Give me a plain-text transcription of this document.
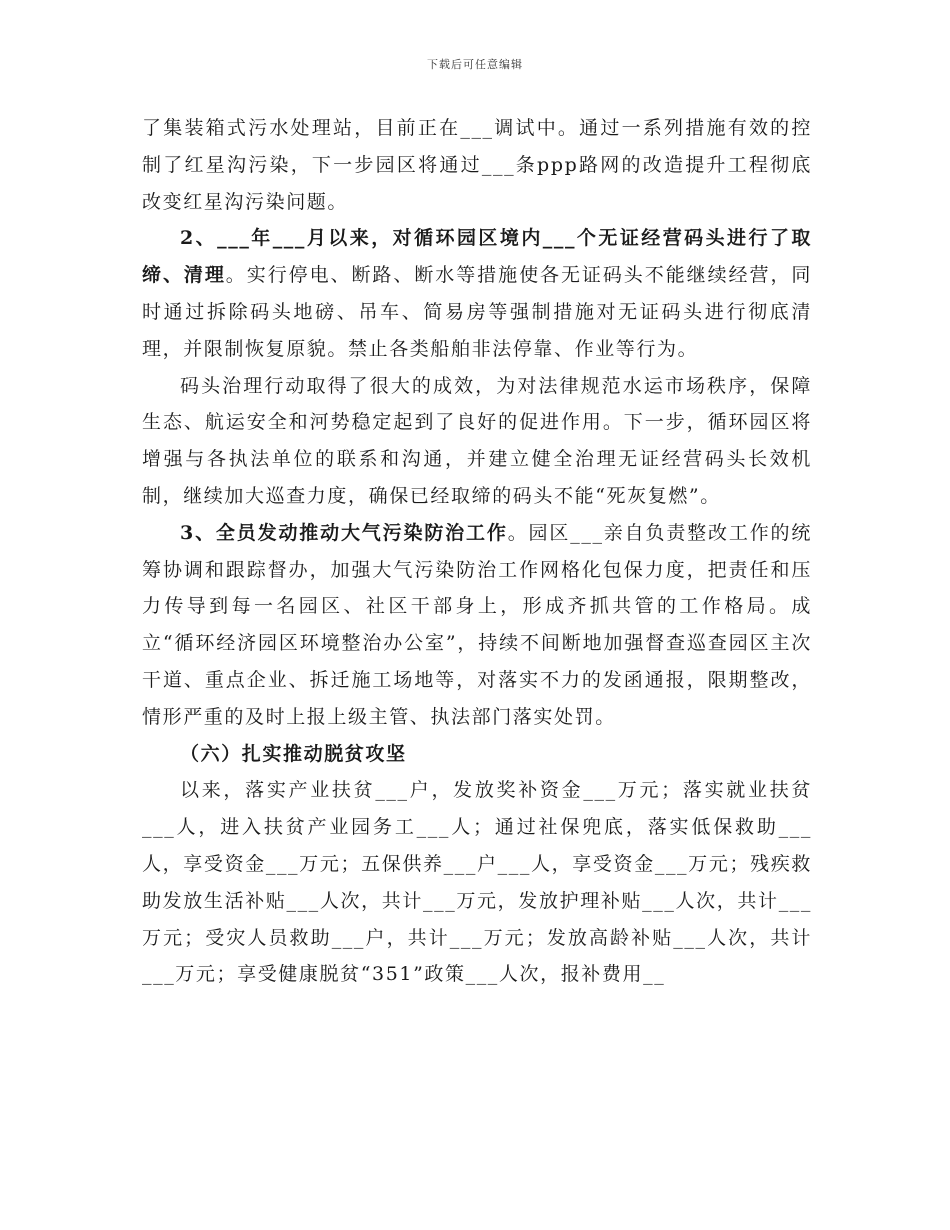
下载后可任意编辑

了集装箱式污水处理站，目前正在___调试中。通过一系列措施有效的控制了红星沟污染，下一步园区将通过___条ppp路网的改造提升工程彻底改变红星沟污染问题。

2、___年___月以来，对循环园区境内___个无证经营码头进行了取缔、清理。实行停电、断路、断水等措施使各无证码头不能继续经营，同时通过拆除码头地磅、吊车、简易房等强制措施对无证码头进行彻底清理，并限制恢复原貌。禁止各类船舶非法停靠、作业等行为。

码头治理行动取得了很大的成效，为对法律规范水运市场秩序，保障生态、航运安全和河势稳定起到了良好的促进作用。下一步，循环园区将增强与各执法单位的联系和沟通，并建立健全治理无证经营码头长效机制，继续加大巡查力度，确保已经取缔的码头不能“死灰复燃”。

3、全员发动推动大气污染防治工作。园区___亲自负责整改工作的统筹协调和跟踪督办，加强大气污染防治工作网格化包保力度，把责任和压力传导到每一名园区、社区干部身上，形成齐抓共管的工作格局。成立“循环经济园区环境整治办公室”，持续不间断地加强督查巡查园区主次干道、重点企业、拆迁施工场地等，对落实不力的发函通报，限期整改，情形严重的及时上报上级主管、执法部门落实处罚。

（六）扎实推动脱贫攻坚

以来，落实产业扶贫___户，发放奖补资金___万元；落实就业扶贫___人，进入扶贫产业园务工___人；通过社保兜底，落实低保救助___人，享受资金___万元；五保供养___户___人，享受资金___万元；残疾救助发放生活补贴___人次，共计___万元，发放护理补贴___人次，共计___万元；受灾人员救助___户，共计___万元；发放高龄补贴___人次，共计___万元；享受健康脱贫“351”政策___人次，报补费用__
